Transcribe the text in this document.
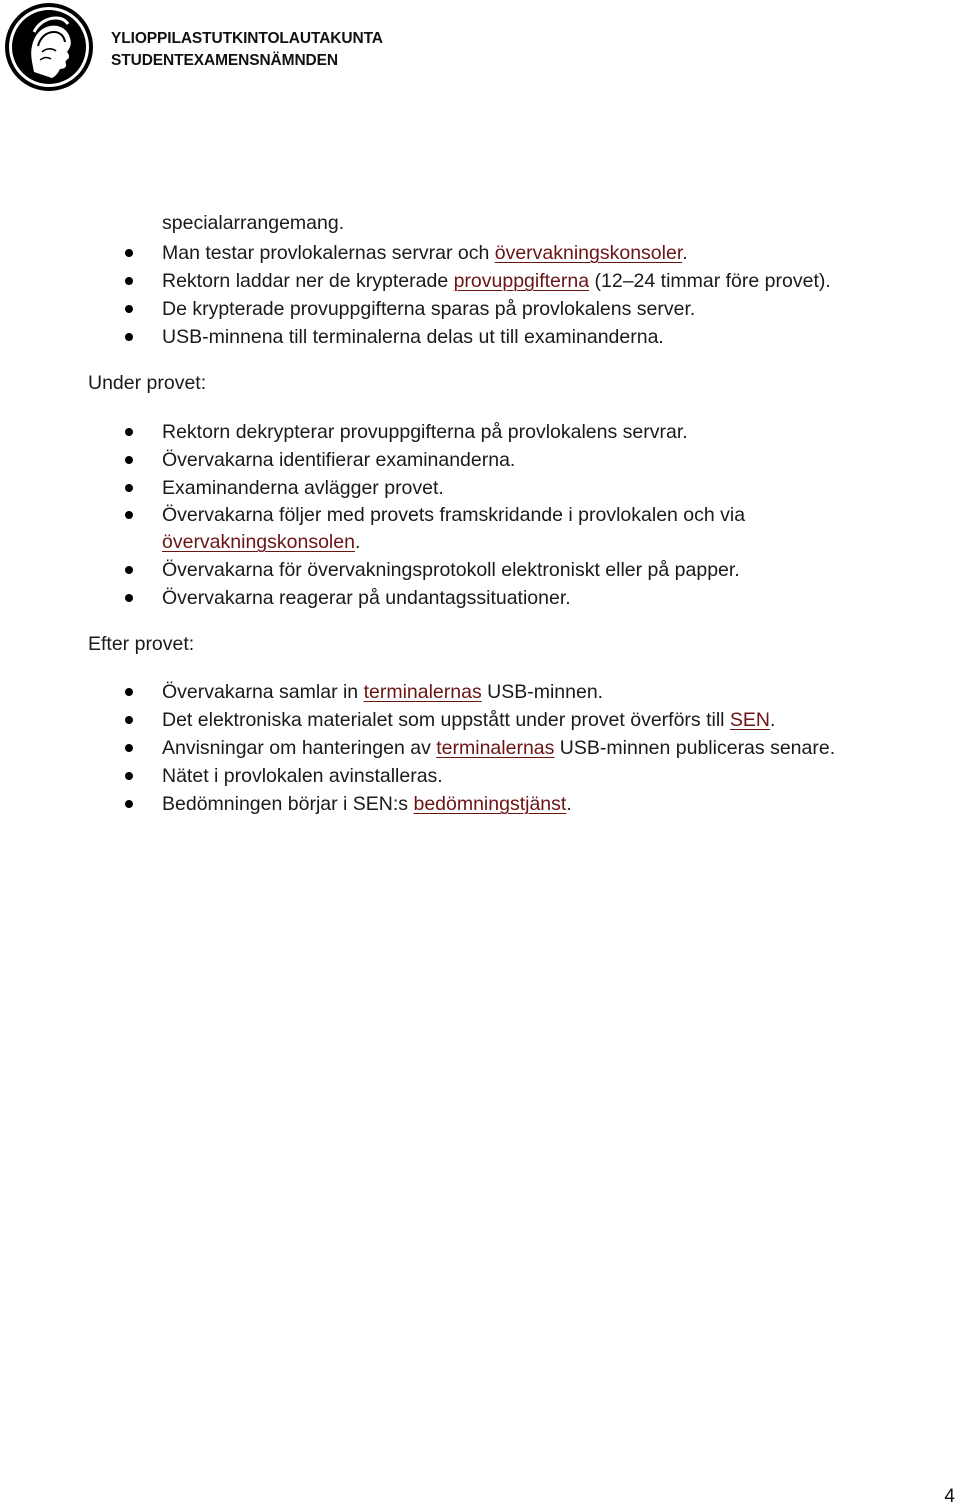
YLIOPPILASTUTKINTOLAUTAKUNTA
STUDENTEXAMENSNÄMNDEN
specialarrangemang.
Man testar provlokalernas servrar och övervakningskonsoler.
Rektorn laddar ner de krypterade provuppgifterna (12–24 timmar före provet).
De krypterade provuppgifterna sparas på provlokalens server.
USB-minnena till terminalerna delas ut till examinanderna.
Under provet:
Rektorn dekrypterar provuppgifterna på provlokalens servrar.
Övervakarna identifierar examinanderna.
Examinanderna avlägger provet.
Övervakarna följer med provets framskridande i provlokalen och via
övervakningskonsolen.
Övervakarna för övervakningsprotokoll elektroniskt eller på papper.
Övervakarna reagerar på undantagssituationer.
Efter provet:
Övervakarna samlar in terminalernas USB-minnen.
Det elektroniska materialet som uppstått under provet överförs till SEN.
Anvisningar om hanteringen av terminalernas USB-minnen publiceras senare.
Nätet i provlokalen avinstalleras.
Bedömningen börjar i SEN:s bedömningstjänst.
4
